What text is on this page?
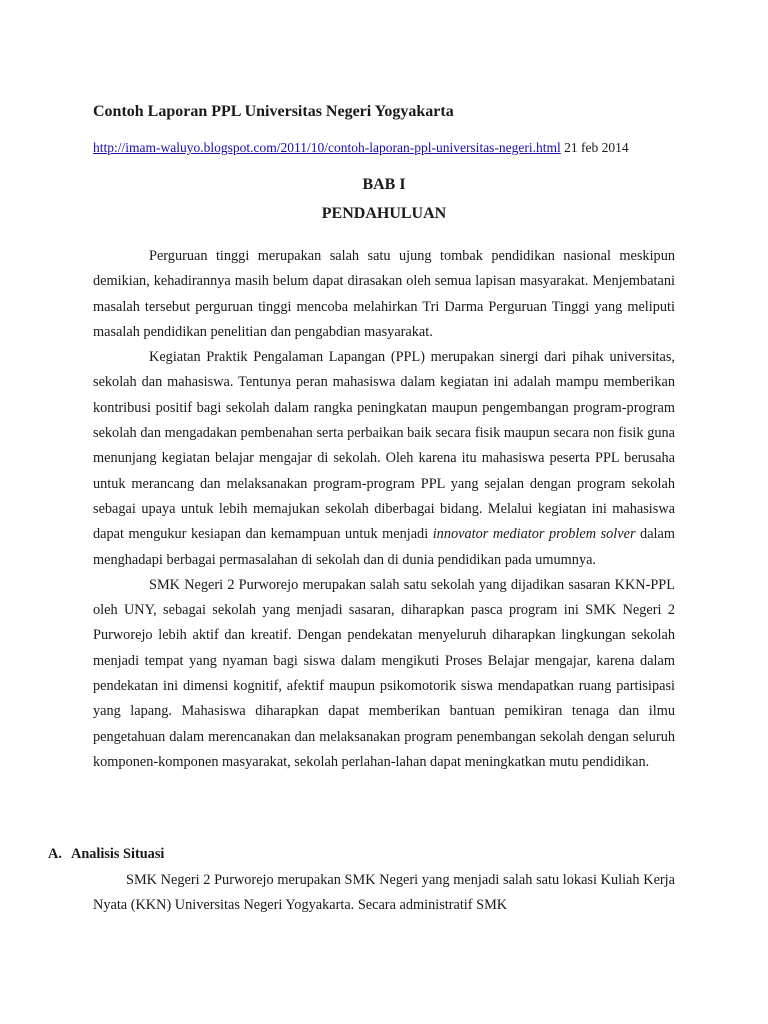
Contoh Laporan PPL Universitas Negeri Yogyakarta
http://imam-waluyo.blogspot.com/2011/10/contoh-laporan-ppl-universitas-negeri.html 21 feb 2014
BAB I
PENDAHULUAN

Perguruan tinggi merupakan salah satu ujung tombak pendidikan nasional meskipun demikian, kehadirannya masih belum dapat dirasakan oleh semua lapisan masyarakat. Menjembatani masalah tersebut perguruan tinggi mencoba melahirkan Tri Darma Perguruan Tinggi yang meliputi masalah pendidikan penelitian dan pengabdian masyarakat.

Kegiatan Praktik Pengalaman Lapangan (PPL) merupakan sinergi dari pihak universitas, sekolah dan mahasiswa. Tentunya peran mahasiswa dalam kegiatan ini adalah mampu memberikan kontribusi positif bagi sekolah dalam rangka peningkatan maupun pengembangan program-program sekolah dan mengadakan pembenahan serta perbaikan baik secara fisik maupun secara non fisik guna menunjang kegiatan belajar mengajar di sekolah. Oleh karena itu mahasiswa peserta PPL berusaha untuk merancang dan melaksanakan program-program PPL yang sejalan dengan program sekolah sebagai upaya untuk lebih memajukan sekolah diberbagai bidang. Melalui kegiatan ini mahasiswa dapat mengukur kesiapan dan kemampuan untuk menjadi innovator mediator problem solver dalam menghadapi berbagai permasalahan di sekolah dan di dunia pendidikan pada umumnya.

SMK Negeri 2 Purworejo merupakan salah satu sekolah yang dijadikan sasaran KKN-PPL oleh UNY, sebagai sekolah yang menjadi sasaran, diharapkan pasca program ini SMK Negeri 2 Purworejo lebih aktif dan kreatif. Dengan pendekatan menyeluruh diharapkan lingkungan sekolah menjadi tempat yang nyaman bagi siswa dalam mengikuti Proses Belajar mengajar, karena dalam pendekatan ini dimensi kognitif, afektif maupun psikomotorik siswa mendapatkan ruang partisipasi yang lapang. Mahasiswa diharapkan dapat memberikan bantuan pemikiran tenaga dan ilmu pengetahuan dalam merencanakan dan melaksanakan program penembangan sekolah dengan seluruh komponen-komponen masyarakat, sekolah perlahan-lahan dapat meningkatkan mutu pendidikan.

A. Analisis Situasi

SMK Negeri 2 Purworejo merupakan SMK Negeri yang menjadi salah satu lokasi Kuliah Kerja Nyata (KKN) Universitas Negeri Yogyakarta. Secara administratif SMK
